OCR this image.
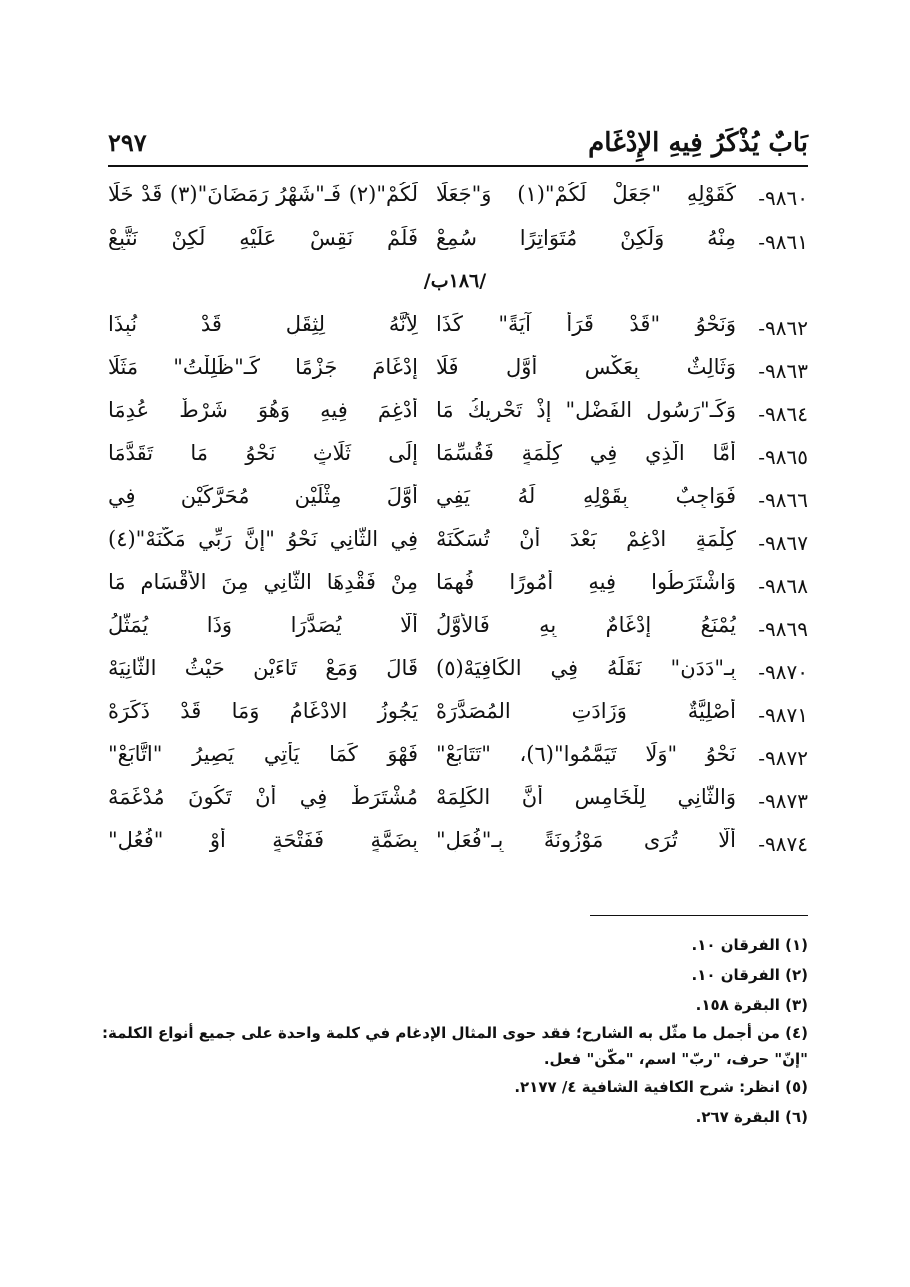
بَابٌ يُذْكَرُ فِيهِ الإِدْغَام
٢٩٧
٩٨٦٠-
كَقَوْلِهِ "جَعَلْ لَكُمْ"(١) وَ"جَعَلَا
لَكُمْ"(٢) فَـ"شَهْرُ رَمَضَانَ"(٣) قَدْ خَلَا
٩٨٦١-
مِنْهُ وَلَكِنْ مُتَوَاتِرًا سُمِعْ
فَلَمْ نَقِسْ عَلَيْهِ لَكِنْ نَتَّبِعْ
/١٨٦ب/
٩٨٦٢-
وَنَحْوُ "قَدْ قَرَأَ آيَةً" كَذَا
لِأَنَّهُ لِثِقَلٍ قَدْ نُبِذَا
٩٨٦٣-
وَثَالِثٌ بِعَكْسِ أَوَّلٍ فَلَا
إِدْغَامَ جَزْمًا كَـ"ظَلِلْتُ" مَثَلَا
٩٨٦٤-
وَكَـ"رَسُولِ الفَضْلِ" إِذْ تَحْرِيكُ مَا
أُدْغِمَ فِيهِ وَهُوَ شَرْطٌ عُدِمَا
٩٨٦٥-
أَمَّا الَّذِي فِي كِلْمَةٍ فَقُسِّمَا
إِلَى ثَلَاثٍ نَحْوُ مَا تَقَدَّمَا
٩٨٦٦-
فَوَاجِبٌ بِقَوْلِهِ لَهُ يَفِي
أَوَّلَ مِثْلَيْنِ مُحَرَّكَيْنِ فِي
٩٨٦٧-
كِلْمَةٍ ادْغِمْ بَعْدَ أَنْ تُسَكِّنَهْ
فِي الثَّانِي نَحْوُ "إِنَّ رَبِّي مَكَّنَهْ"(٤)
٩٨٦٨-
وَاشْتَرَطُوا فِيهِ أُمُورًا فُهِمَا
مِنْ فَقْدِهَا الثَّانِي مِنَ الأَقْسَامِ مَا
٩٨٦٩-
يُمْنَعُ إِدْغَامٌ بِهِ فَالأَوَّلُ
أَلَّا يُصَدَّرَا وَذَا يُمَثَّلُ
٩٨٧٠-
بِـ"دَدَنٍ" نَقَلَهُ فِي الكَافِيَهْ(٥)
قَالَ وَمَعْ تَاءَيْنِ حَيْثُ الثَّانِيَهْ
٩٨٧١-
أَصْلِيَّةٌ وَزَادَتِ المُصَدَّرَهْ
يَجُوزُ الادْغَامُ وَمَا قَدْ ذَكَرَهْ
٩٨٧٢-
نَحْوُ "وَلَا تَيَمَّمُوا"(٦)، "تَتَابَعْ"
فَهْوَ كَمَا يَأْتِي يَصِيرُ "اتَّابَعْ"
٩٨٧٣-
وَالثَّانِي لِلْخَامِسِ أَنَّ الكَلِمَهْ
مُشْتَرَطٌ فِي أَنْ تَكُونَ مُدْغَمَهْ
٩٨٧٤-
أَلَّا تُرَى مَوْزُونَةً بِـ"فُعَلٍ"
بِضَمَّةٍ فَفَتْحَةٍ أَوْ "فُعُلٍ"
(١) الفرقان ١٠.
(٢) الفرقان ١٠.
(٣) البقرة ١٥٨.
(٤) من أجمل ما مثّل به الشارح؛ فقد حوى المثال الإدغام في كلمة واحدة على جميع أنواع الكلمة: "إنّ" حرف، "ربّ" اسم، "مكّن" فعل.
(٥) انظر: شرح الكافية الشافية ٤/ ٢١٧٧.
(٦) البقرة ٢٦٧.
